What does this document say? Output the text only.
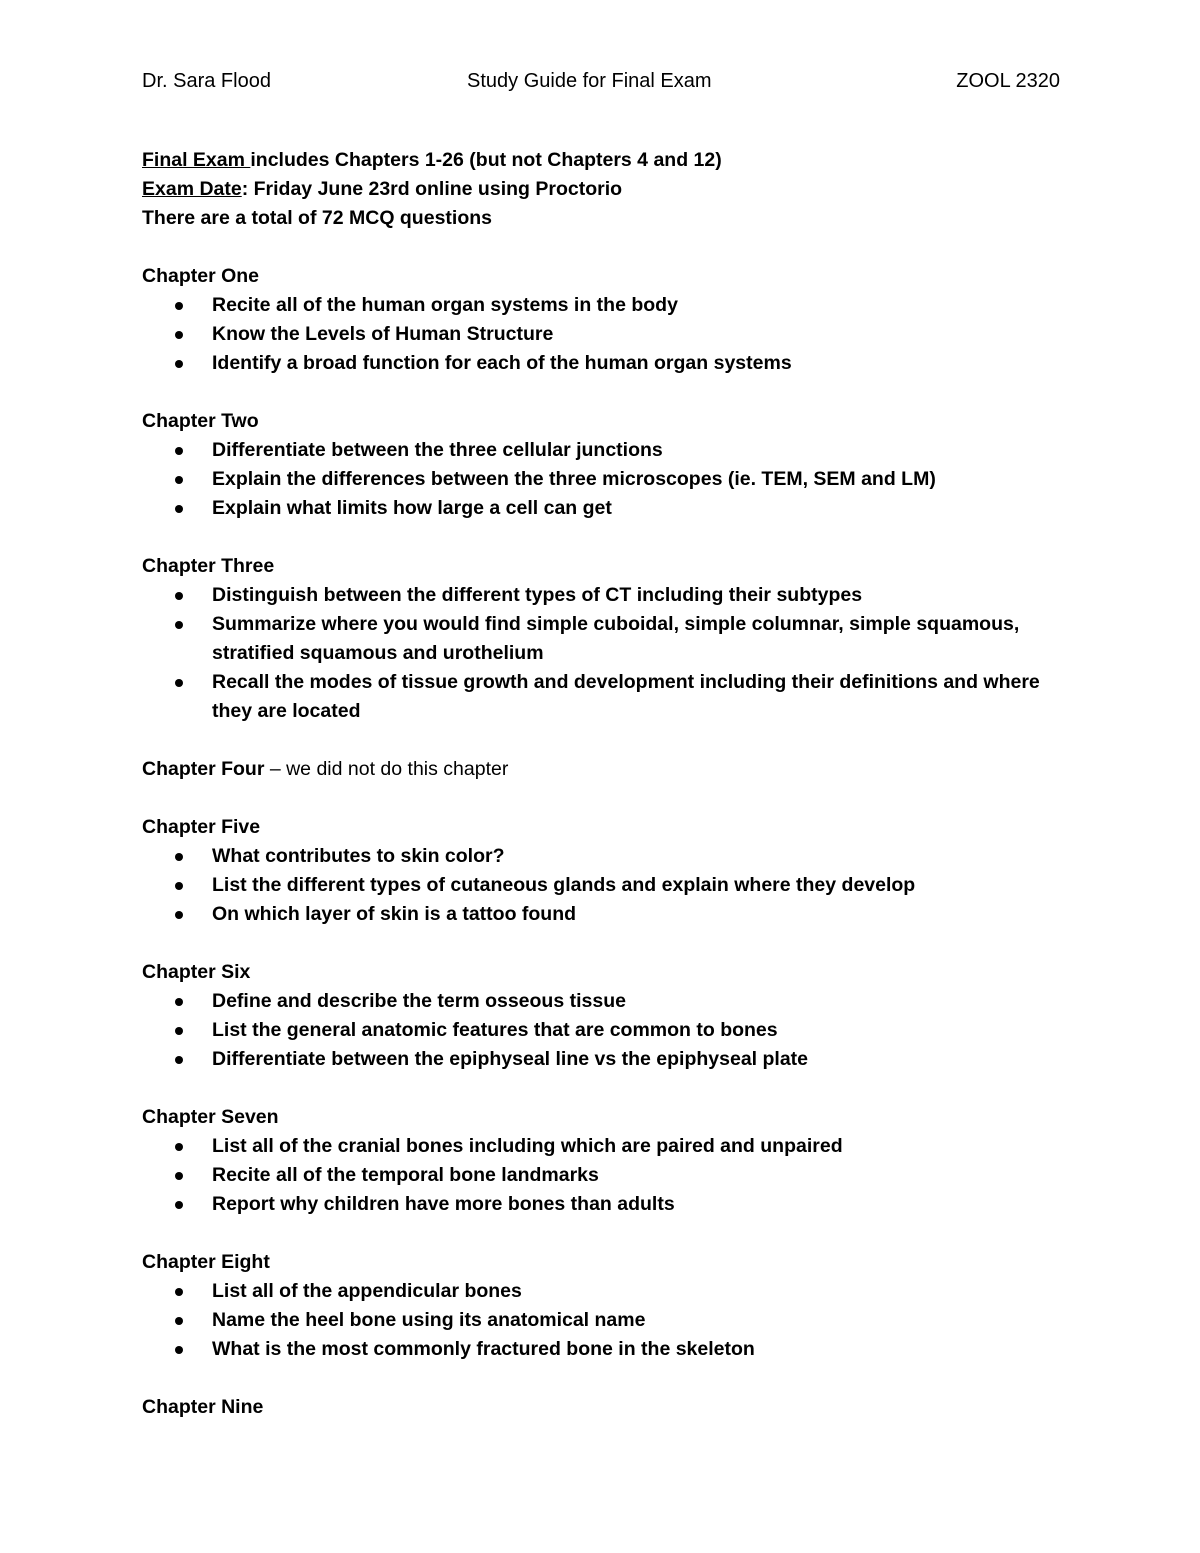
Dr. Sara Flood	Study Guide for Final Exam	ZOOL 2320
Final Exam includes Chapters 1-26 (but not Chapters 4 and 12)
Exam Date: Friday June 23rd online using Proctorio
There are a total of 72 MCQ questions
Chapter One
Recite all of the human organ systems in the body
Know the Levels of Human Structure
Identify a broad function for each of the human organ systems
Chapter Two
Differentiate between the three cellular junctions
Explain the differences between the three microscopes (ie. TEM, SEM and LM)
Explain what limits how large a cell can get
Chapter Three
Distinguish between the different types of CT including their subtypes
Summarize where you would find simple cuboidal, simple columnar, simple squamous, stratified squamous and urothelium
Recall the modes of tissue growth and development including their definitions and where they are located
Chapter Four – we did not do this chapter
Chapter Five
What contributes to skin color?
List the different types of cutaneous glands and explain where they develop
On which layer of skin is a tattoo found
Chapter Six
Define and describe the term osseous tissue
List the general anatomic features that are common to bones
Differentiate between the epiphyseal line vs the epiphyseal plate
Chapter Seven
List all of the cranial bones including which are paired and unpaired
Recite all of the temporal bone landmarks
Report why children have more bones than adults
Chapter Eight
List all of the appendicular bones
Name the heel bone using its anatomical name
What is the most commonly fractured bone in the skeleton
Chapter Nine
